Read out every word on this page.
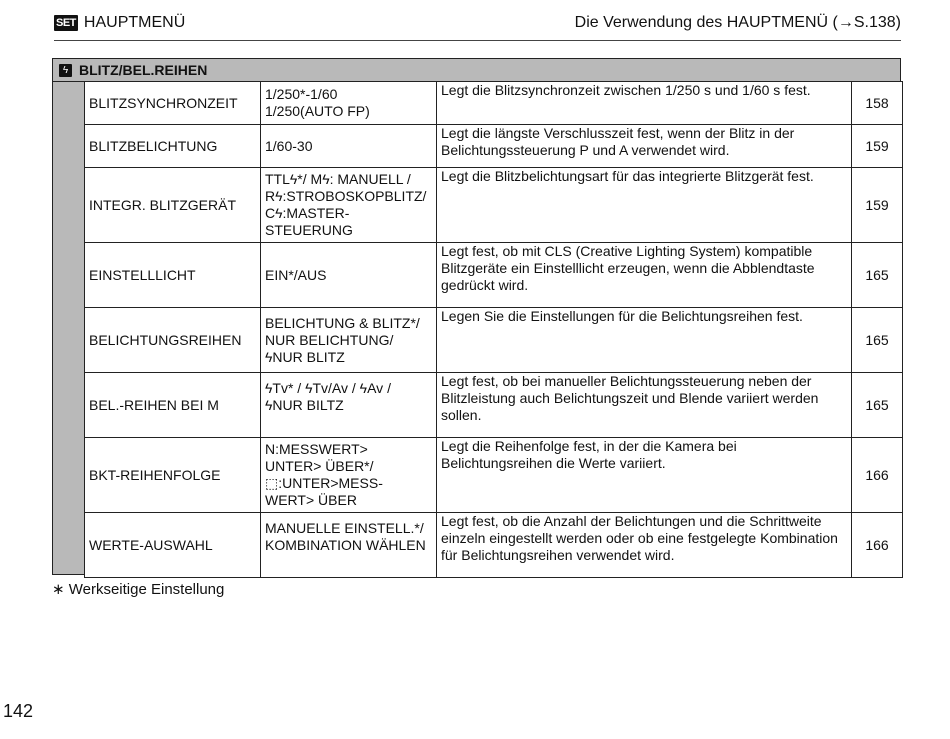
SET HAUPTMENÜ	Die Verwendung des HAUPTMENÜ (→S.138)
ϟ BLITZ/BEL.REIHEN
BLITZSYNCHRONZEIT	1/250*-1/60
1/250(AUTO FP)	Legt die Blitzsynchronzeit zwischen 1/250 s und 1/60 s fest.	158
BLITZBELICHTUNG	1/60-30	Legt die längste Verschlusszeit fest, wenn der Blitz in der
Belichtungssteuerung P und A verwendet wird.	159
INTEGR. BLITZGERÄT	TTLϟ*/ Mϟ: MANUELL /
Rϟ:STROBOSKOPBLITZ/
Cϟ:MASTER-
STEUERUNG	Legt die Blitzbelichtungsart für das integrierte Blitzgerät fest.	159
EINSTELLLICHT	EIN*/AUS	Legt fest, ob mit CLS (Creative Lighting System) kompatible
Blitzgeräte ein Einstelllicht erzeugen, wenn die Abblendtaste
gedrückt wird.	165
BELICHTUNGSREIHEN	BELICHTUNG & BLITZ*/
NUR BELICHTUNG/
ϟNUR BLITZ	Legen Sie die Einstellungen für die Belichtungsreihen fest.	165
BEL.-REIHEN BEI M	ϟTv* / ϟTv/Av / ϟAv /
ϟNUR BILTZ	Legt fest, ob bei manueller Belichtungssteuerung neben der
Blitzleistung auch Belichtungszeit und Blende variiert werden
sollen.	165
BKT-REIHENFOLGE	N:MESSWERT>
UNTER> ÜBER*/
⬚:UNTER>MESS-
WERT> ÜBER	Legt die Reihenfolge fest, in der die Kamera bei
Belichtungsreihen die Werte variiert.	166
WERTE-AUSWAHL	MANUELLE EINSTELL.*/
KOMBINATION WÄHLEN	Legt fest, ob die Anzahl der Belichtungen und die Schrittweite
einzeln eingestellt werden oder ob eine festgelegte Kombination
für Belichtungsreihen verwendet wird.	166
∗ Werkseitige Einstellung
142
